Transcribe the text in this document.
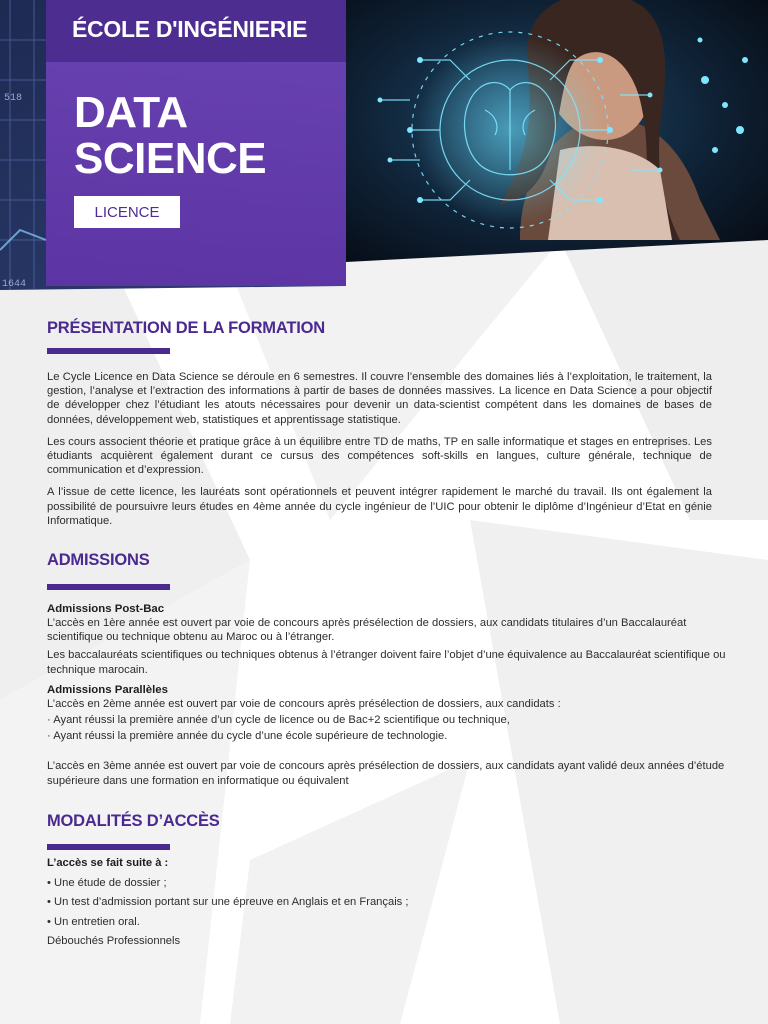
518
1644
ÉCOLE D'INGÉNIERIE
DATA
SCIENCE
LICENCE
PRÉSENTATION DE LA FORMATION

Le Cycle Licence en Data Science se déroule en 6 semestres. Il couvre l’ensemble des domaines liés à l’exploitation, le traitement, la gestion, l’analyse et l’extraction des informations à partir de bases de données massives. La licence en Data Science a pour objectif de développer chez l’étudiant les atouts nécessaires pour devenir un data-scientist compétent dans les domaines de bases de données, développement web, statistiques et apprentissage statistique.

Les cours associent théorie et pratique grâce à un équilibre entre TD de maths, TP en salle informatique et stages en entreprises. Les étudiants acquièrent également durant ce cursus des compétences soft-skills en langues, culture générale, technique de communication et d’expression.

A l’issue de cette licence, les lauréats sont opérationnels et peuvent intégrer rapidement le marché du travail. Ils ont également la possibilité de poursuivre leurs études en 4ème année du cycle ingénieur de l’UIC pour obtenir le diplôme d’Ingénieur d’Etat en génie Informatique.

ADMISSIONS

Admissions Post-Bac

L’accès en 1ère année est ouvert par voie de concours après présélection de dossiers, aux candidats titulaires d’un Baccalauréat scientifique ou technique obtenu au Maroc ou à l’étranger.

Les baccalauréats scientifiques ou techniques obtenus à l’étranger doivent faire l’objet d’une équivalence au Baccalauréat scientifique ou technique marocain.

Admissions Parallèles

L’accès en 2ème année est ouvert par voie de concours après présélection de dossiers, aux candidats :

· Ayant réussi la première année d’un cycle de licence ou de Bac+2 scientifique ou technique,

· Ayant réussi la première année du cycle d’une école supérieure de technologie.

L’accès en 3ème année est ouvert par voie de concours après présélection de dossiers, aux candidats ayant validé deux années d’étude supérieure dans une formation en informatique ou équivalent

MODALITÉS D’ACCÈS

L’accès se fait suite à :

• Une étude de dossier ;

• Un test d’admission portant sur une épreuve en Anglais et en Français ;

• Un entretien oral.

Débouchés Professionnels
